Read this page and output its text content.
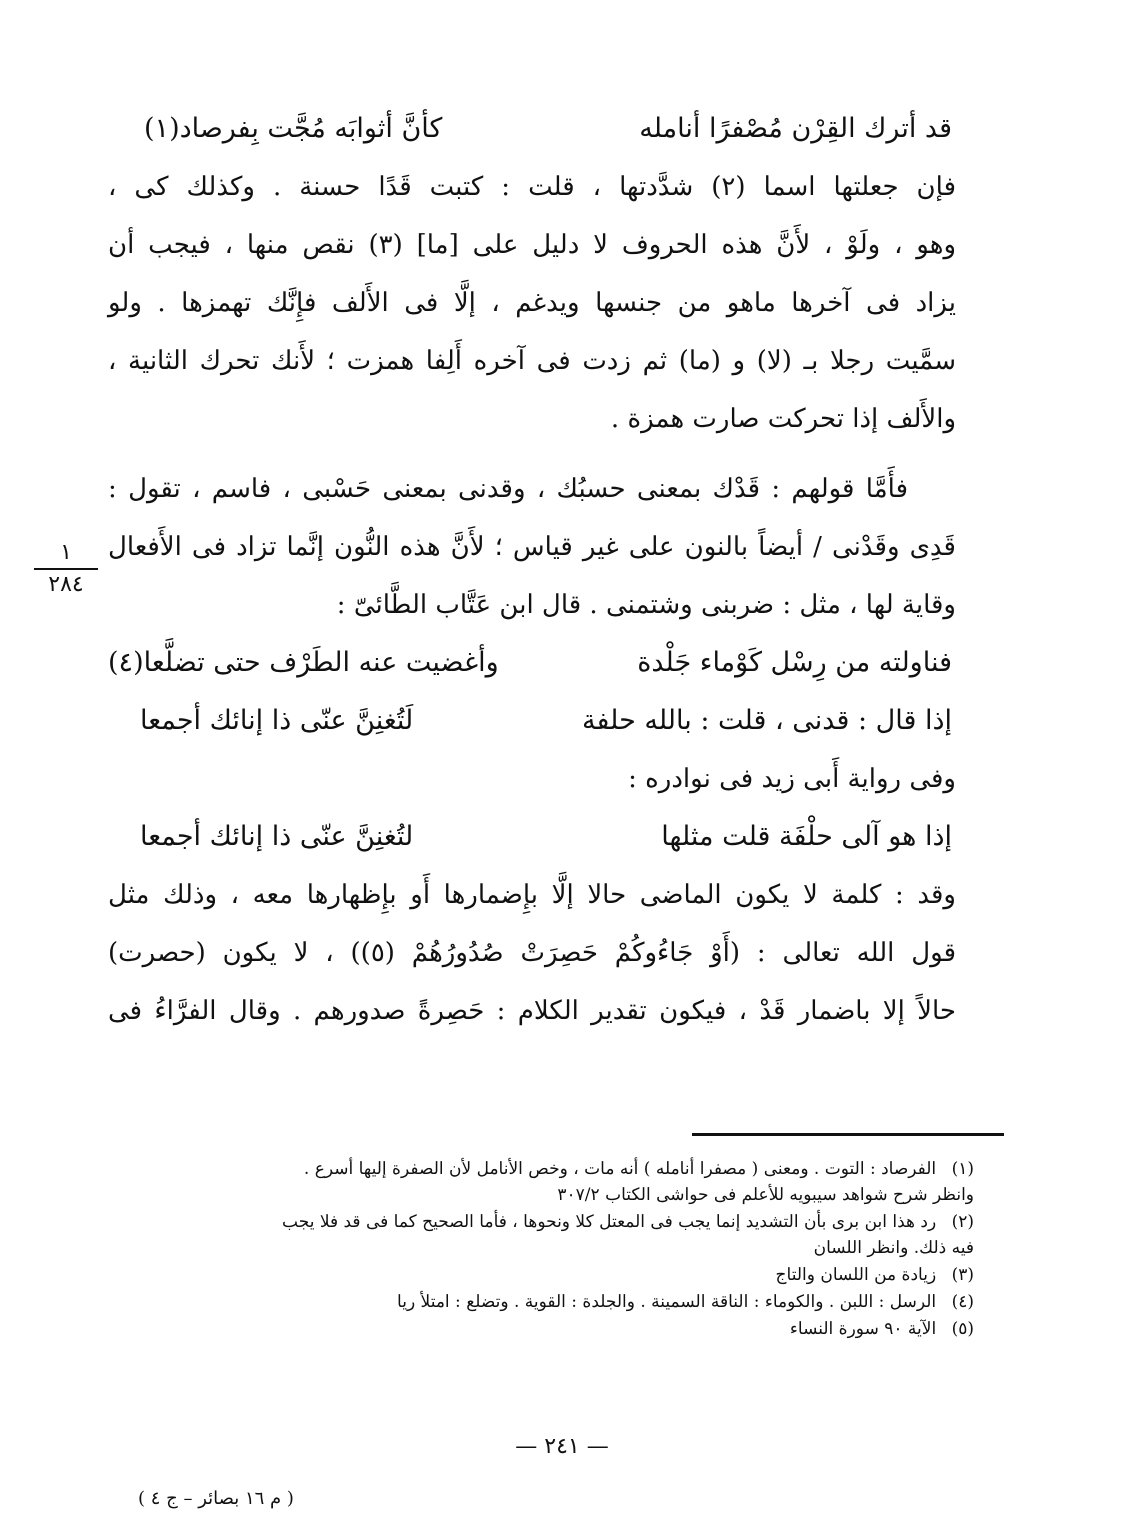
قد أترك القِرْن مُصْفرًا أنامله
كأنَّ أثوابَه مُجَّت بِفرصاد(١)
فإن جعلتها اسما (٢) شدَّدتها ، قلت : كتبت قَدًا حسنة . وكذلك كى ،
وهو ، ولَوْ ، لأَنَّ هذه الحروف لا دليل على [ما] (٣) نقص منها ، فيجب أن
يزاد فى آخرها ماهو من جنسها ويدغم ، إلَّا فى الأَلف فإِنَّك تهمزها . ولو
سمَّيت رجلا بـ (لا) و (ما) ثم زدت فى آخره أَلِفا همزت ؛ لأَنك تحرك الثانية ،
والأَلف إذا تحركت صارت همزة .
فأَمَّا قولهم : قَدْك بمعنى حسبُك ، وقدنى بمعنى حَسْبى ، فاسم ، تقول :
قَدِى وقَدْنى / أيضاً بالنون على غير قياس ؛ لأَنَّ هذه النُّون إنَّما تزاد فى الأَفعال
وقاية لها ، مثل : ضربنى وشتمنى . قال ابن عَتَّاب الطَّائىّ :
فناولته من رِسْل كَوْماء جَلْدة
وأغضيت عنه الطَرْف حتى تضلَّعا(٤)
إذا قال : قدنى ، قلت : بالله حلفة
لَتُغنِنَّ عنّى ذا إنائك أجمعا
وفى رواية أَبى زيد فى نوادره :
إذا هو آلى حلْفَة قلت مثلها
لتُغنِنَّ عنّى ذا إنائك أجمعا
وقد : كلمة لا يكون الماضى حالا إلَّا بإِضمارها أَو بإِظهارها معه ، وذلك مثل
قول الله تعالى : (أَوْ جَاءُوكُمْ حَصِرَتْ صُدُورُهُمْ (٥)) ، لا يكون (حصرت)
حالاً إلا باضمار قَدْ ، فيكون تقدير الكلام : حَصِرةً صدورهم . وقال الفرَّاءُ فى
١
٢٨٤
(١) الفرصاد : التوت . ومعنى ( مصفرا أنامله ) أنه مات ، وخص الأنامل لأن الصفرة إليها أسرع .
وانظر شرح شواهد سيبويه للأعلم فى حواشى الكتاب ٣٠٧/٢
(٢) رد هذا ابن برى بأن التشديد إنما يجب فى المعتل كلا ونحوها ، فأما الصحيح كما فى قد فلا يجب
فيه ذلك. وانظر اللسان
(٣) زيادة من اللسان والتاج
(٤) الرسل : اللبن . والكوماء : الناقة السمينة . والجلدة : القوية . وتضلع : امتلأ ريا
(٥) الآية ٩٠ سورة النساء
— ٢٤١ —
( م ١٦ بصائر – ج ٤ )
